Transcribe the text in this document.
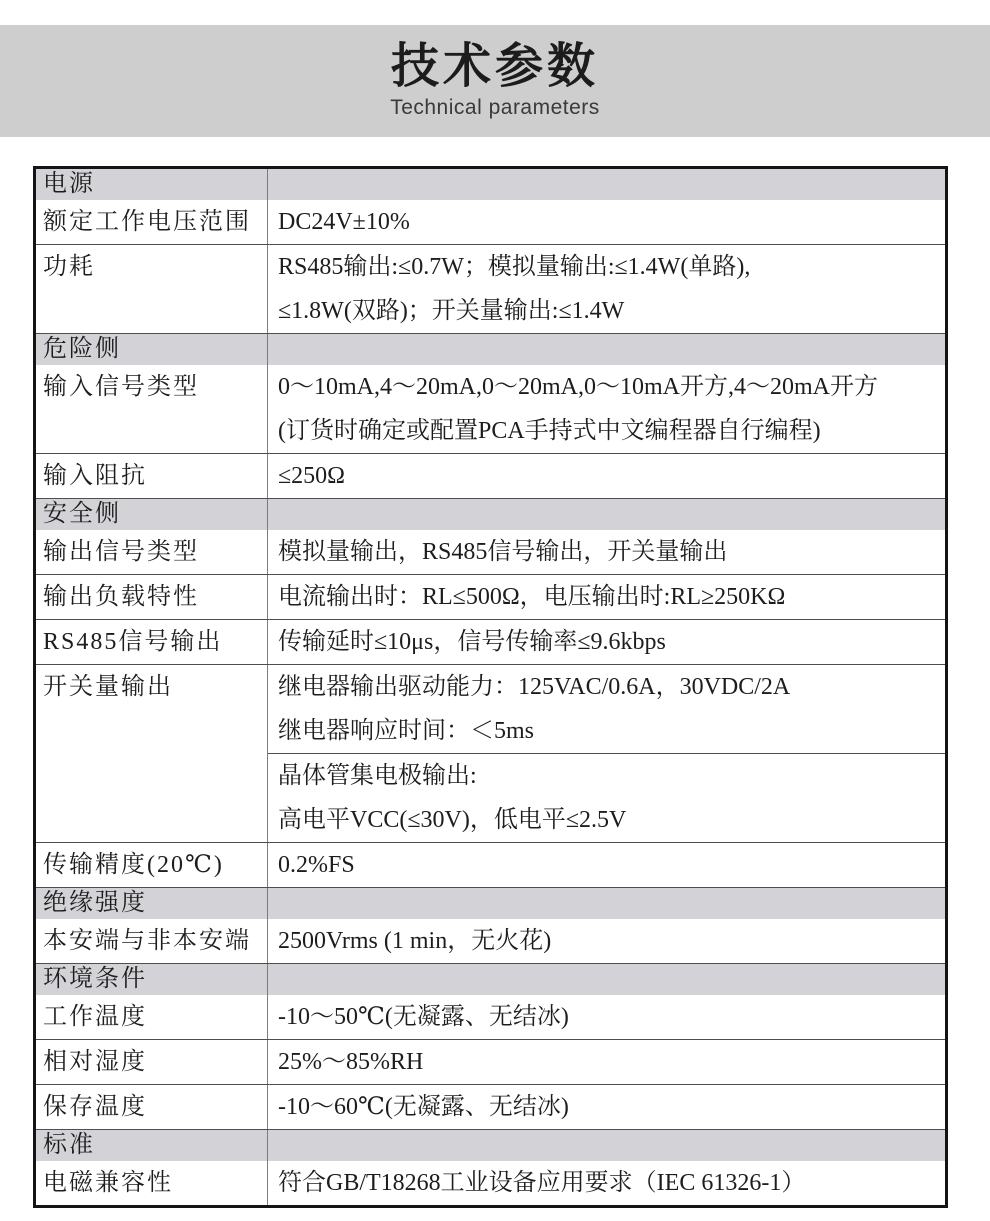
技术参数
Technical parameters
电源
额定工作电压范围	DC24V±10%
功耗	RS485输出:≤0.7W；模拟量输出:≤1.4W(单路),
≤1.8W(双路)；开关量输出:≤1.4W
危险侧
输入信号类型	0～10mA,4～20mA,0～20mA,0～10mA开方,4～20mA开方
(订货时确定或配置PCA手持式中文编程器自行编程)
输入阻抗	≤250Ω
安全侧
输出信号类型	模拟量输出，RS485信号输出，开关量输出
输出负载特性	电流输出时：RL≤500Ω，电压输出时:RL≥250KΩ
RS485信号输出	传输延时≤10μs，信号传输率≤9.6kbps
开关量输出	继电器输出驱动能力：125VAC/0.6A，30VDC/2A
继电器响应时间：＜5ms
晶体管集电极输出:
高电平VCC(≤30V)，低电平≤2.5V
传输精度(20℃)	0.2%FS
绝缘强度
本安端与非本安端	2500Vrms (1 min，无火花)
环境条件
工作温度	-10～50℃(无凝露、无结冰)
相对湿度	25%～85%RH
保存温度	-10～60℃(无凝露、无结冰)
标准
电磁兼容性	符合GB/T18268工业设备应用要求（IEC 61326-1）
